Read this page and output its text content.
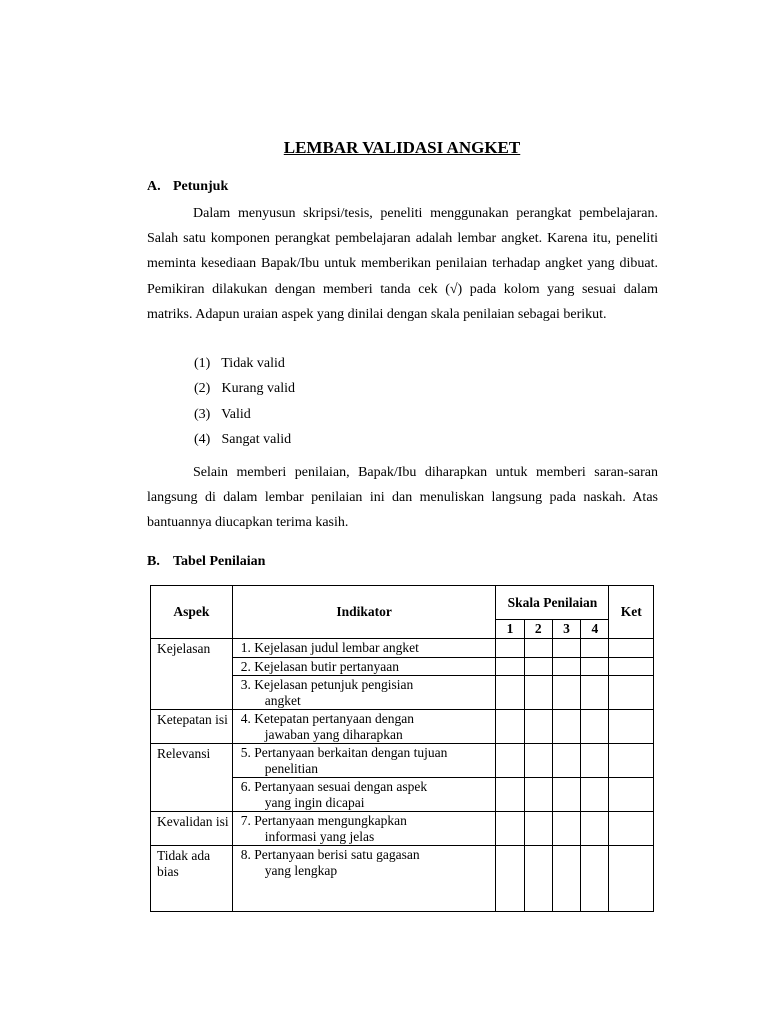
LEMBAR VALIDASI ANGKET
A. Petunjuk

Dalam menyusun skripsi/tesis, peneliti menggunakan perangkat pembelajaran. Salah satu komponen perangkat pembelajaran adalah lembar angket. Karena itu, peneliti meminta kesediaan Bapak/Ibu untuk memberikan penilaian terhadap angket yang dibuat. Pemikiran dilakukan dengan memberi tanda cek (√) pada kolom yang sesuai dalam matriks. Adapun uraian aspek yang dinilai dengan skala penilaian sebagai berikut.

(1) Tidak valid
(2) Kurang valid
(3) Valid
(4) Sangat valid

Selain memberi penilaian, Bapak/Ibu diharapkan untuk memberi saran-saran langsung di dalam lembar penilaian ini dan menuliskan langsung pada naskah. Atas bantuannya diucapkan terima kasih.

B. Tabel Penilaian
Aspek	Indikator	Skala Penilaian				Ket
		1	2	3	4	
Kejelasan	1. Kejelasan judul lembar angket					
	2. Kejelasan butir pertanyaan					
	3. Kejelasan petunjuk pengisian
angket					

Ketepatan isi	4. Ketepatan pertanyaan dengan
jawaban yang diharapkan					

Relevansi	5. Pertanyaan berkaitan dengan tujuan
penelitian					

	6. Pertanyaan sesuai dengan aspek
yang ingin dicapai					

Kevalidan isi	7. Pertanyaan mengungkapkan
informasi yang jelas					

Tidak ada bias	8. Pertanyaan berisi satu gagasan
yang lengkap					
